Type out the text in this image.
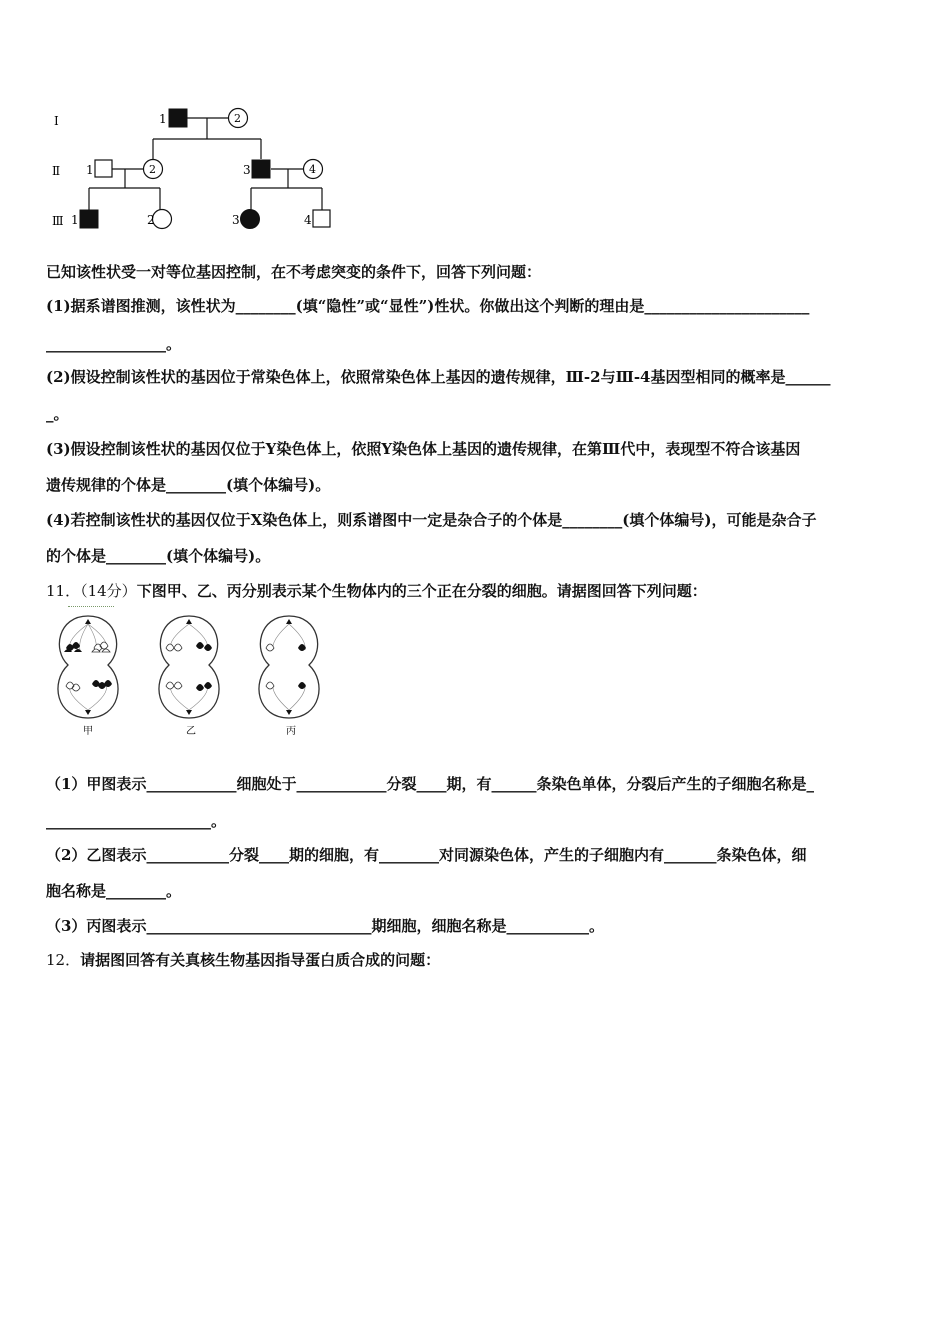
Ⅰ
Ⅱ
Ⅲ
1	2
1	2	3	4
1	2	3	4
已知该性状受一对等位基因控制，在不考虑突变的条件下，回答下列问题：
(1)据系谱图推测，该性状为________(填“隐性”或“显性”)性状。你做出这个判断的理由是______________________
________________。
(2)假设控制该性状的基因位于常染色体上，依照常染色体上基因的遗传规律，Ⅲ-2与Ⅲ-4基因型相同的概率是______
_。
(3)假设控制该性状的基因仅位于Y染色体上，依照Y染色体上基因的遗传规律，在第Ⅲ代中，表现型不符合该基因
遗传规律的个体是________(填个体编号)。
(4)若控制该性状的基因仅位于X染色体上，则系谱图中一定是杂合子的个体是________(填个体编号)，可能是杂合子
的个体是________(填个体编号)。
11．（14分）下图甲、乙、丙分别表示某个生物体内的三个正在分裂的细胞。请据图回答下列问题：
甲	乙	丙
（1）甲图表示____________细胞处于____________分裂____期，有______条染色单体，分裂后产生的子细胞名称是_
______________________。
（2）乙图表示___________分裂____期的细胞，有________对同源染色体，产生的子细胞内有_______条染色体，细
胞名称是________。
（3）丙图表示______________________________期细胞，细胞名称是___________。
12．请据图回答有关真核生物基因指导蛋白质合成的问题：
